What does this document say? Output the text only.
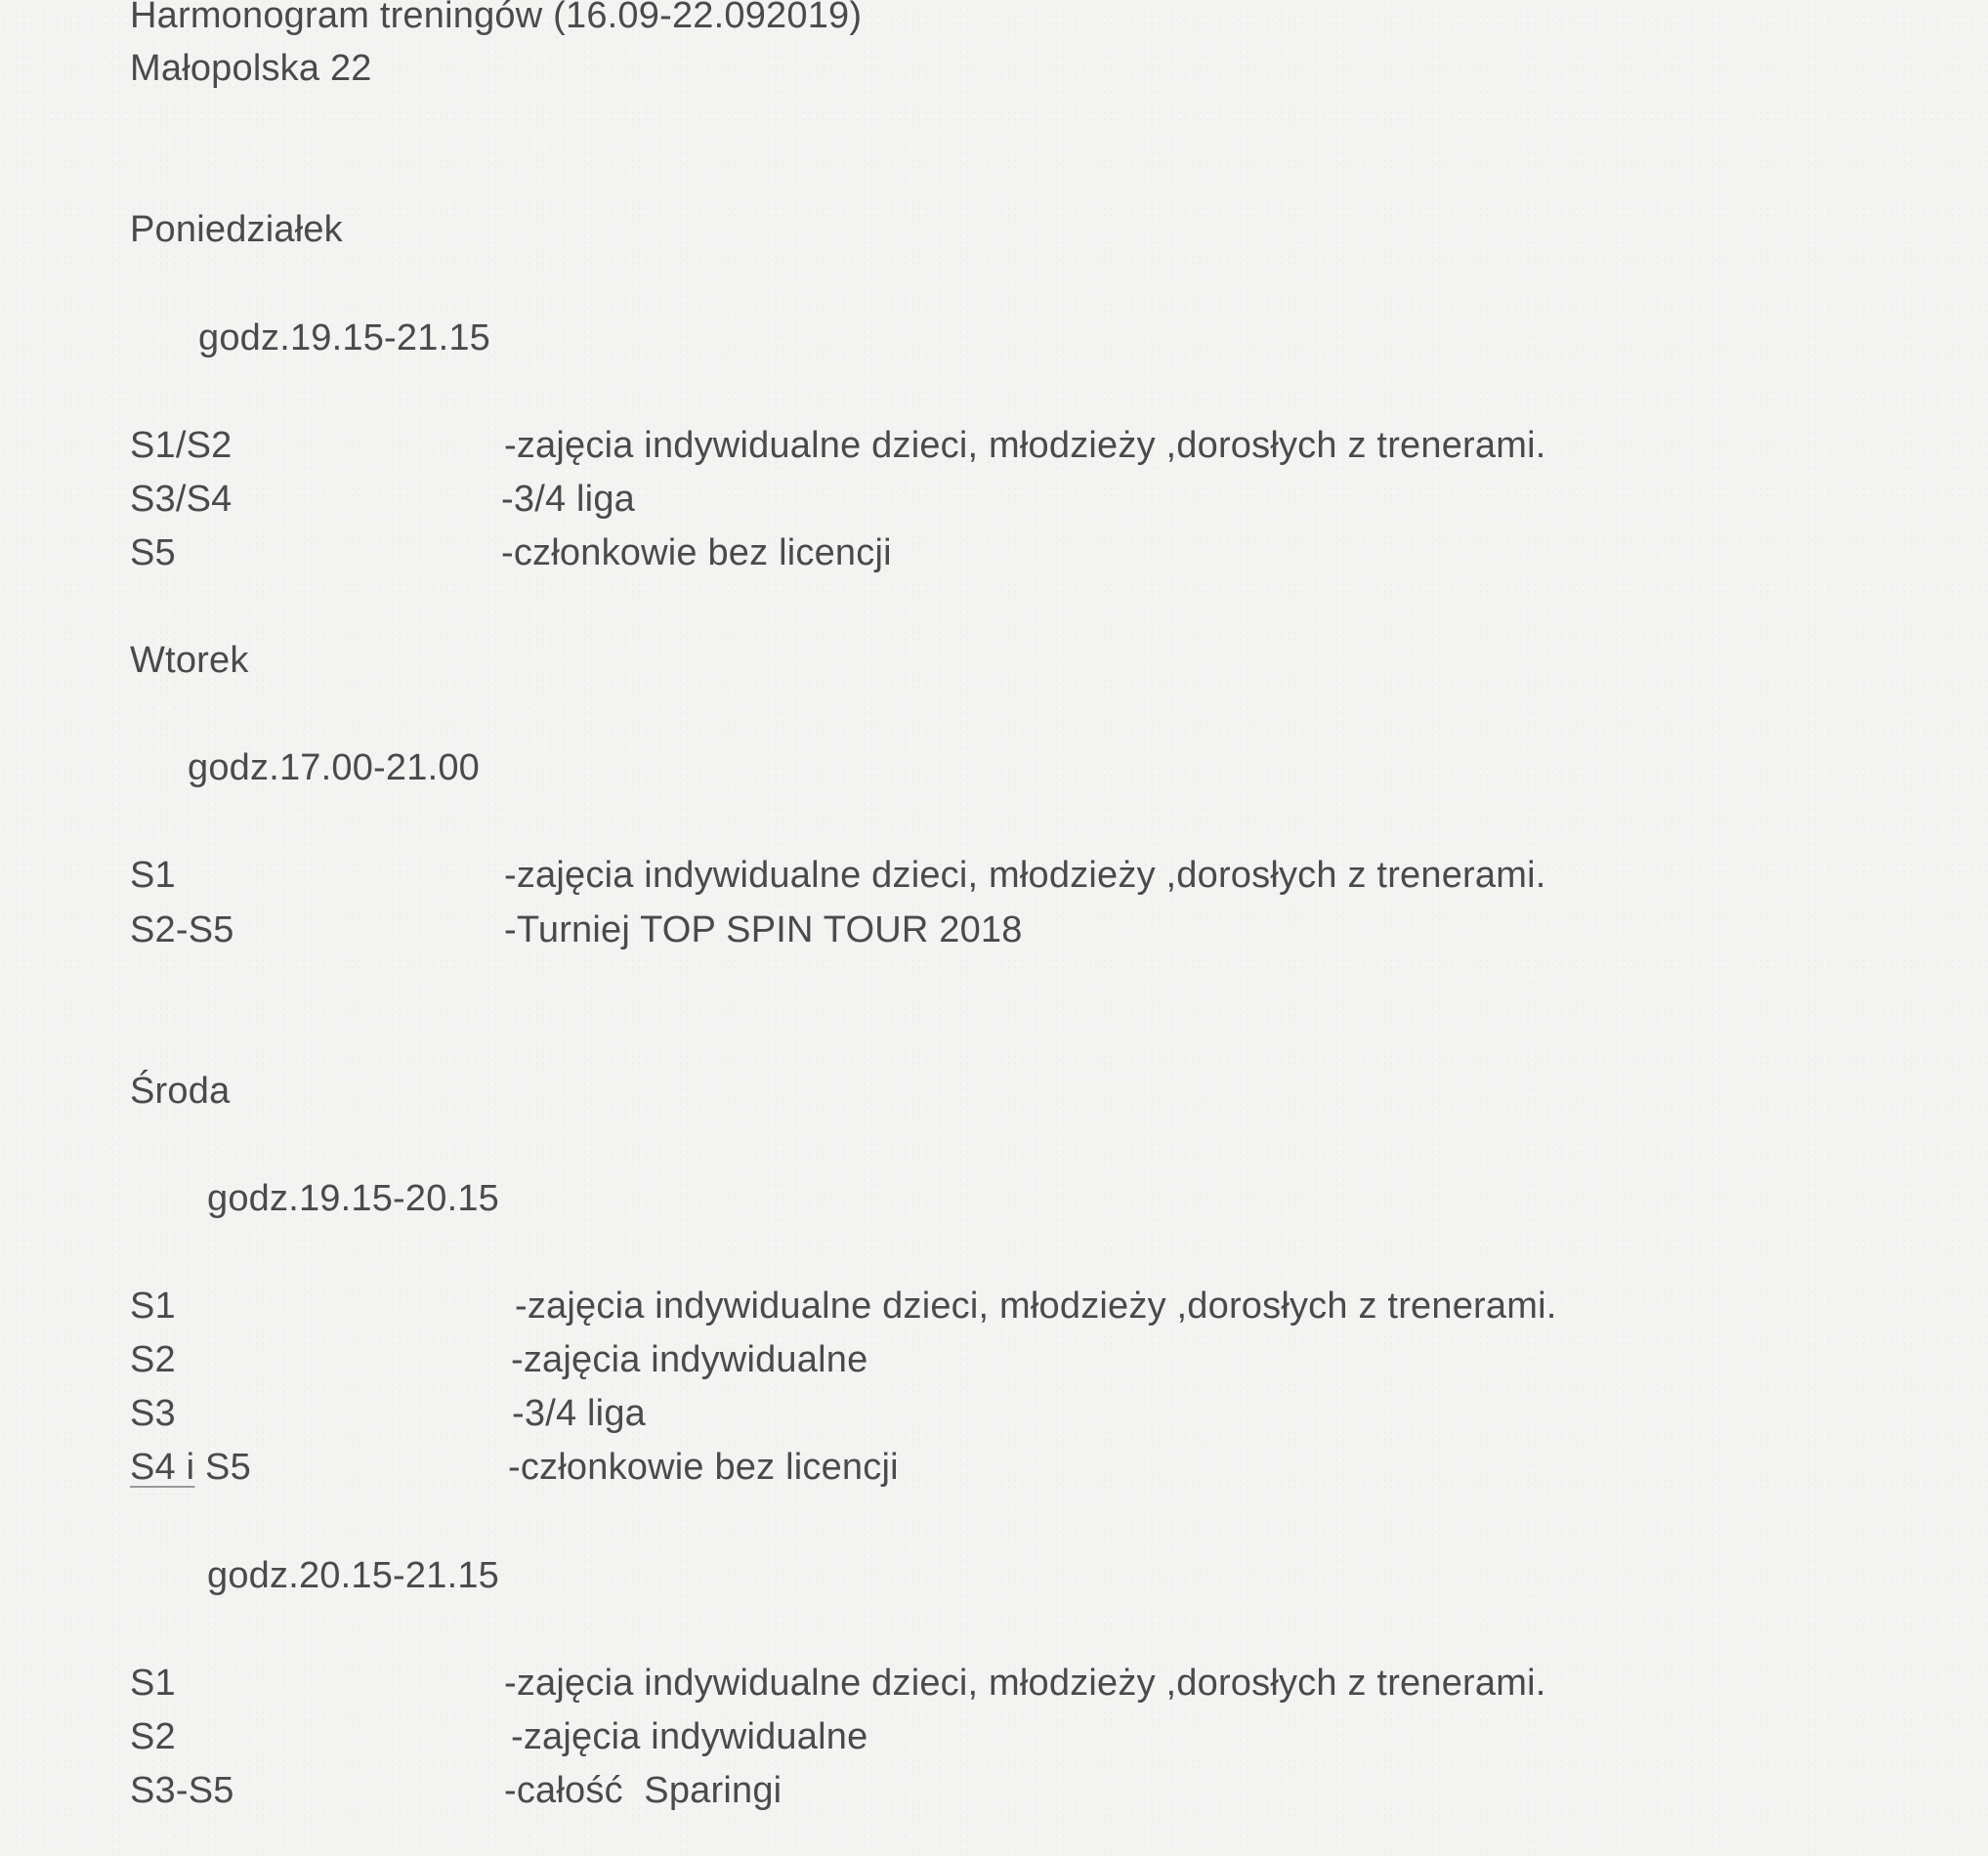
Harmonogram treningów (16.09-22.092019)
Małopolska 22
Poniedziałek
godz.19.15-21.15
S1/S2	-zajęcia indywidualne dzieci, młodzieży ,dorosłych z trenerami.
S3/S4	-3/4 liga
S5	-członkowie bez licencji
Wtorek
godz.17.00-21.00
S1	-zajęcia indywidualne dzieci, młodzieży ,dorosłych z trenerami.
S2-S5	-Turniej TOP SPIN TOUR 2018
Środa
godz.19.15-20.15
S1	-zajęcia indywidualne dzieci, młodzieży ,dorosłych z trenerami.
S2	-zajęcia indywidualne
S3	-3/4 liga
S4 i S5	-członkowie bez licencji
godz.20.15-21.15
S1	-zajęcia indywidualne dzieci, młodzieży ,dorosłych z trenerami.
S2	-zajęcia indywidualne
S3-S5	-całość  Sparingi
